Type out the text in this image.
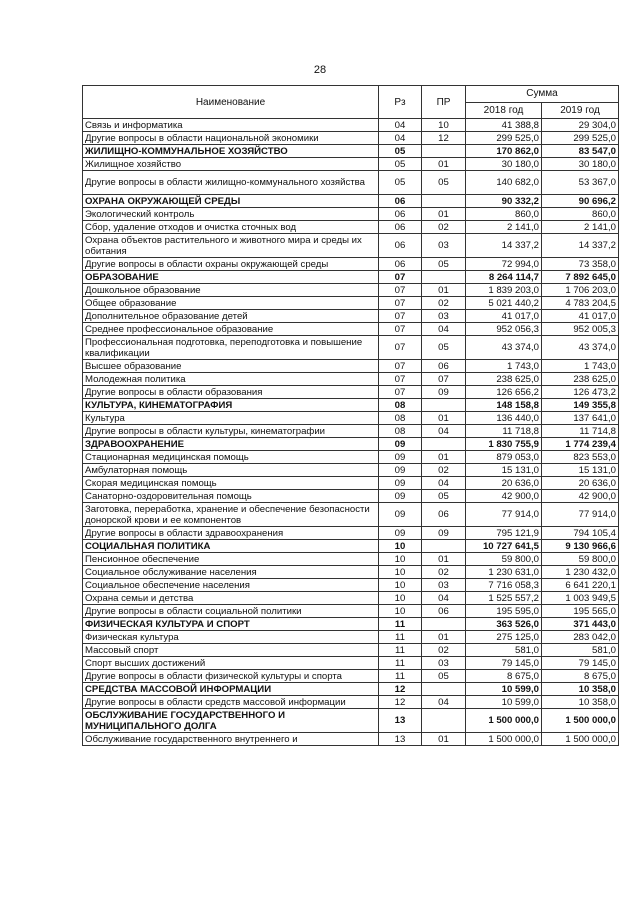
28
Наименование	Рз	ПР	Сумма	
			2018 год	2019 год
Связь и информатика	04	10	41 388,8	29 304,0
Другие вопросы в области национальной экономики	04	12	299 525,0	299 525,0
ЖИЛИЩНО-КОММУНАЛЬНОЕ ХОЗЯЙСТВО	05		170 862,0	83 547,0
Жилищное хозяйство	05	01	30 180,0	30 180,0
Другие вопросы в области жилищно-коммунального хозяйства	05	05	140 682,0	53 367,0
ОХРАНА ОКРУЖАЮЩЕЙ СРЕДЫ	06		90 332,2	90 696,2
Экологический контроль	06	01	860,0	860,0
Сбор, удаление отходов и очистка сточных вод	06	02	2 141,0	2 141,0
Охрана объектов растительного и животного мира и среды их обитания	06	03	14 337,2	14 337,2
Другие вопросы в области охраны окружающей среды	06	05	72 994,0	73 358,0
ОБРАЗОВАНИЕ	07		8 264 114,7	7 892 645,0
Дошкольное образование	07	01	1 839 203,0	1 706 203,0
Общее образование	07	02	5 021 440,2	4 783 204,5
Дополнительное образование детей	07	03	41 017,0	41 017,0
Среднее профессиональное образование	07	04	952 056,3	952 005,3
Профессиональная подготовка, переподготовка и повышение квалификации	07	05	43 374,0	43 374,0
Высшее образование	07	06	1 743,0	1 743,0
Молодежная политика	07	07	238 625,0	238 625,0
Другие вопросы в области образования	07	09	126 656,2	126 473,2
КУЛЬТУРА, КИНЕМАТОГРАФИЯ	08		148 158,8	149 355,8
Культура	08	01	136 440,0	137 641,0
Другие вопросы в области культуры, кинематографии	08	04	11 718,8	11 714,8
ЗДРАВООХРАНЕНИЕ	09		1 830 755,9	1 774 239,4
Стационарная медицинская помощь	09	01	879 053,0	823 553,0
Амбулаторная помощь	09	02	15 131,0	15 131,0
Скорая медицинская помощь	09	04	20 636,0	20 636,0
Санаторно-оздоровительная помощь	09	05	42 900,0	42 900,0
Заготовка, переработка, хранение и обеспечение безопасности донорской крови и ее компонентов	09	06	77 914,0	77 914,0
Другие вопросы в области здравоохранения	09	09	795 121,9	794 105,4
СОЦИАЛЬНАЯ ПОЛИТИКА	10		10 727 641,5	9 130 966,6
Пенсионное обеспечение	10	01	59 800,0	59 800,0
Социальное обслуживание населения	10	02	1 230 631,0	1 230 432,0
Социальное обеспечение населения	10	03	7 716 058,3	6 641 220,1
Охрана семьи и детства	10	04	1 525 557,2	1 003 949,5
Другие вопросы в области социальной политики	10	06	195 595,0	195 565,0
ФИЗИЧЕСКАЯ КУЛЬТУРА И СПОРТ	11		363 526,0	371 443,0
Физическая культура	11	01	275 125,0	283 042,0
Массовый спорт	11	02	581,0	581,0
Спорт высших достижений	11	03	79 145,0	79 145,0
Другие вопросы в области физической культуры и спорта	11	05	8 675,0	8 675,0
СРЕДСТВА МАССОВОЙ ИНФОРМАЦИИ	12		10 599,0	10 358,0
Другие вопросы в области средств массовой информации	12	04	10 599,0	10 358,0
ОБСЛУЖИВАНИЕ ГОСУДАРСТВЕННОГО И МУНИЦИПАЛЬНОГО ДОЛГА	13		1 500 000,0	1 500 000,0
Обслуживание государственного внутреннего и	13	01	1 500 000,0	1 500 000,0
